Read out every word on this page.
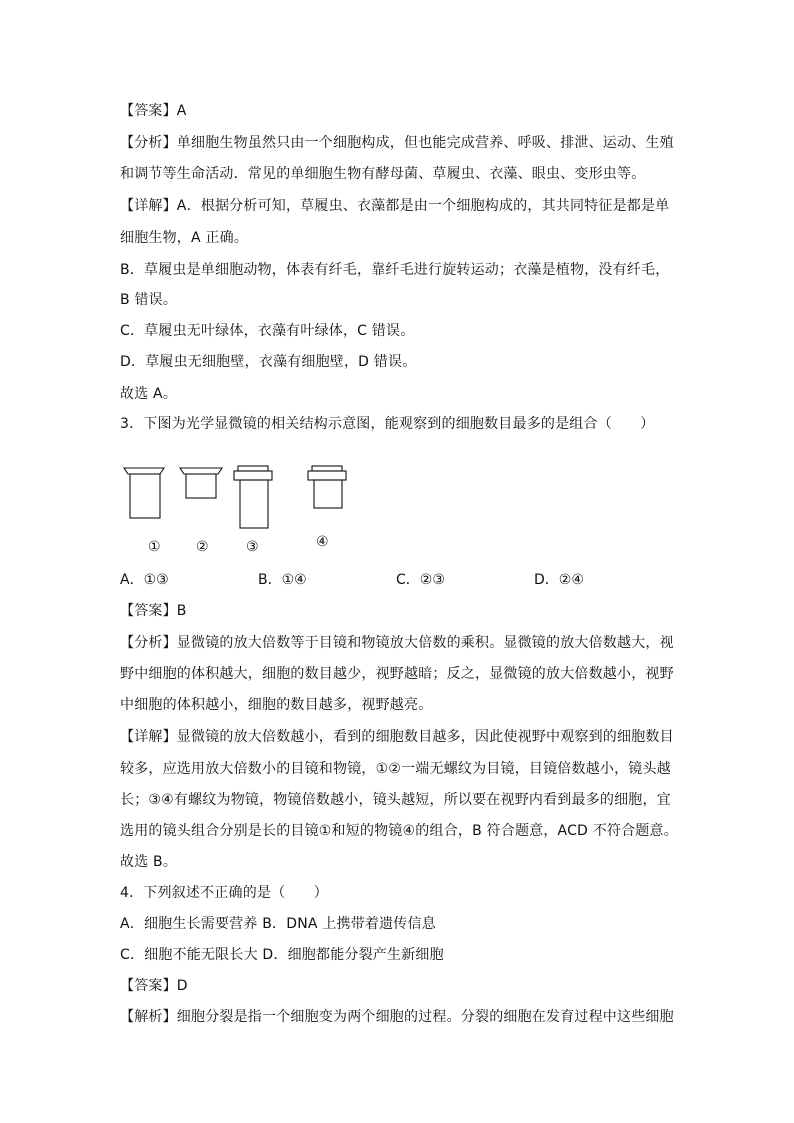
【答案】A
【分析】单细胞生物虽然只由一个细胞构成，但也能完成营养、呼吸、排泄、运动、生殖
和调节等生命活动．常见的单细胞生物有酵母菌、草履虫、衣藻、眼虫、变形虫等。
【详解】A．根据分析可知，草履虫、衣藻都是由一个细胞构成的，其共同特征是都是单
细胞生物，A 正确。
B．草履虫是单细胞动物，体表有纤毛，靠纤毛进行旋转运动；衣藻是植物，没有纤毛，
B 错误。
C．草履虫无叶绿体，衣藻有叶绿体，C 错误。
D．草履虫无细胞壁，衣藻有细胞壁，D 错误。
故选 A。
3．下图为光学显微镜的相关结构示意图，能观察到的细胞数目最多的是组合（　　）
①	②	③	④
A．①③	B．①④	C．②③	D．②④
【答案】B
【分析】显微镜的放大倍数等于目镜和物镜放大倍数的乘积。显微镜的放大倍数越大，视
野中细胞的体积越大，细胞的数目越少，视野越暗；反之，显微镜的放大倍数越小，视野
中细胞的体积越小，细胞的数目越多，视野越亮。
【详解】显微镜的放大倍数越小，看到的细胞数目越多，因此使视野中观察到的细胞数目
较多，应选用放大倍数小的目镜和物镜，①②一端无螺纹为目镜，目镜倍数越小，镜头越
长；③④有螺纹为物镜，物镜倍数越小，镜头越短，所以要在视野内看到最多的细胞，宜
选用的镜头组合分别是长的目镜①和短的物镜④的组合，B 符合题意，ACD 不符合题意。
故选 B。
4．下列叙述不正确的是（　　）
A．细胞生长需要营养 B．DNA 上携带着遗传信息
C．细胞不能无限长大 D．细胞都能分裂产生新细胞
【答案】D
【解析】细胞分裂是指一个细胞变为两个细胞的过程。分裂的细胞在发育过程中这些细胞
